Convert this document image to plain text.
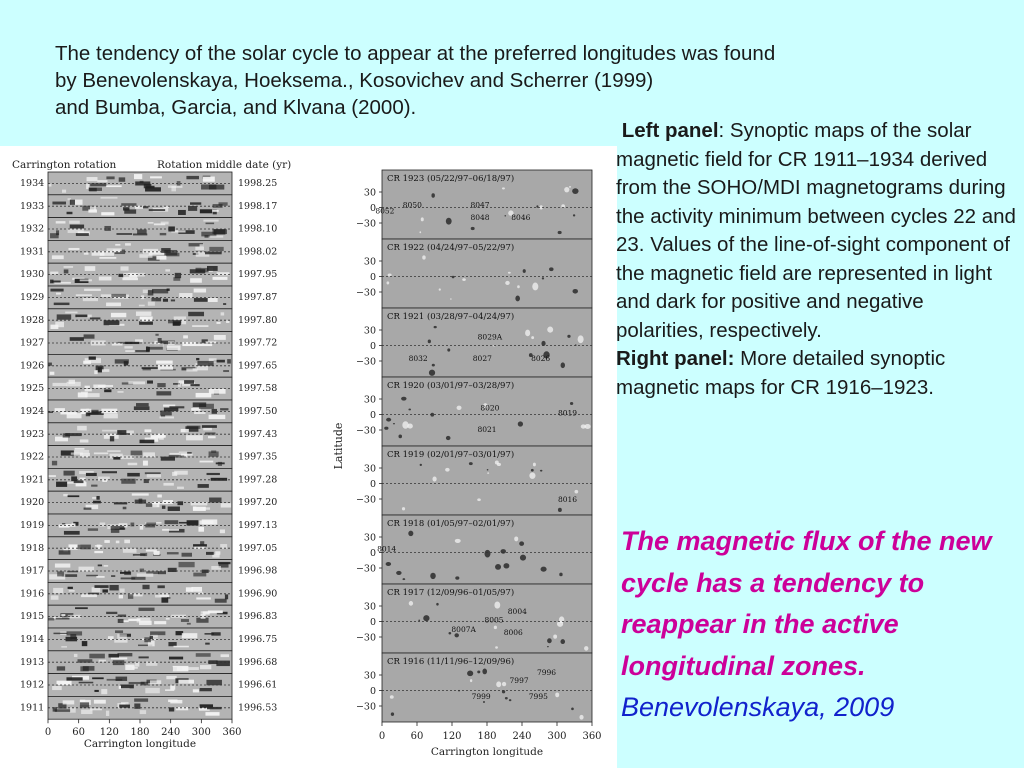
The tendency of the solar cycle to appear at the preferred longitudes was found
by Benevolenskaya, Hoeksema., Kosovichev and Scherrer (1999)
and Bumba, Garcia, and Klvana (2000).
Carrington rotation	Rotation middle date (yr)
1934	1998.25
1933	1998.17
1932	1998.10
1931	1998.02
1930	1997.95
1929	1997.87
1928	1997.80
1927	1997.72
1926	1997.65
1925	1997.58
1924	1997.50
1923	1997.43
1922	1997.35
1921	1997.28
1920	1997.20
1919	1997.13
1918	1997.05
1917	1996.98
1916	1996.90
1915	1996.83
1914	1996.75
1913	1996.68
1912	1996.61
1911	1996.53
0 60 120 180 240 300 360
Carrington longitude
CR 1923 (05/22/97–06/18/97)
8052
8050	8047
8048	8046
30
0
−30
CR 1922 (04/24/97–05/22/97)
30
0
−30
CR 1921 (03/28/97–04/24/97)
8029A
8032	8027	8026
30
0
−30
CR 1920 (03/01/97–03/28/97)
8020
8019
8021
30
0
−30
CR 1919 (02/01/97–03/01/97)
8016
30
0
−30
CR 1918 (01/05/97–02/01/97)
8014
30
0
−30
CR 1917 (12/09/96–01/05/97)
8004
8005
8007A	8006
30
0
−30
CR 1916 (11/11/96–12/09/96)
7996
7997
7999	7995
30
0
−30
0	60 120 180 240 300 360
Carrington longitude
Latitude
Left panel: Synoptic maps of the solar magnetic field for CR 1911–1934 derived from the SOHO/MDI magnetograms during the activity minimum between cycles 22 and 23. Values of the line-of-sight component of the magnetic field are represented in light and dark for positive and negative polarities, respectively.
Right panel: More detailed synoptic magnetic maps for CR 1916–1923.
The magnetic flux of the new cycle has a tendency to reappear in the active longitudinal zones. Benevolenskaya, 2009
